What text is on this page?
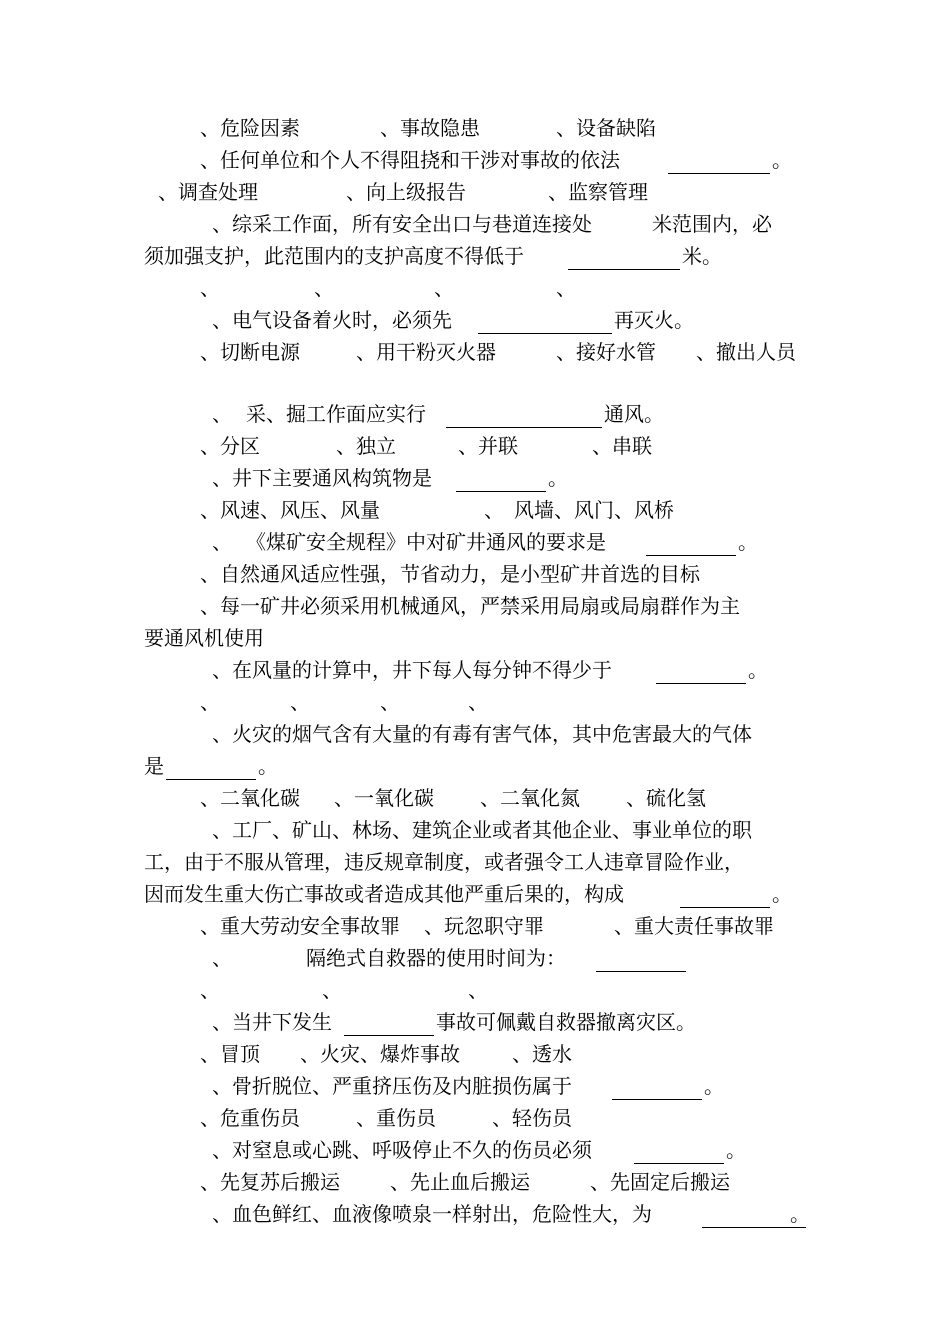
、危险因素	、事故隐患	、设备缺陷
、任何单位和个人不得阻挠和干涉对事故的依法	。
、调查处理	、向上级报告	、监察管理
、综采工作面，所有安全出口与巷道连接处	米范围内，必
须加强支护，此范围内的支护高度不得低于	米。
、	、	、	、
、电气设备着火时，必须先	再灭火。
、切断电源	、用干粉灭火器	、接好水管 、撤出人员
、 采、掘工作面应实行	通风。
、分区	、独立	、并联	、串联
、井下主要通风构筑物是	。
、风速、风压、风量	、 风墙、风门、风桥
、 《煤矿安全规程》中对矿井通风的要求是	。
、自然通风适应性强，节省动力，是小型矿井首选的目标
、每一矿井必须采用机械通风，严禁采用局扇或局扇群作为主
要通风机使用
、在风量的计算中，井下每人每分钟不得少于	。
、	、	、	、
、火灾的烟气含有大量的有毒有害气体，其中危害最大的气体
是	。
、二氧化碳 、一氧化碳 、二氧化氮 、硫化氢
、工厂、矿山、林场、建筑企业或者其他企业、事业单位的职
工，由于不服从管理，违反规章制度，或者强令工人违章冒险作业，
因而发生重大伤亡事故或者造成其他严重后果的，构成	。
、重大劳动安全事故罪 、玩忽职守罪	、重大责任事故罪
、	隔绝式自救器的使用时间为：
、	、	、
、当井下发生	事故可佩戴自救器撤离灾区。
、冒顶 、火灾、爆炸事故	、透水
、骨折脱位、严重挤压伤及内脏损伤属于	。
、危重伤员	、重伤员	、轻伤员
、对窒息或心跳、呼吸停止不久的伤员必须	。
、先复苏后搬运	、先止血后搬运	、先固定后搬运
、血色鲜红、血液像喷泉一样射出，危险性大，为	。
